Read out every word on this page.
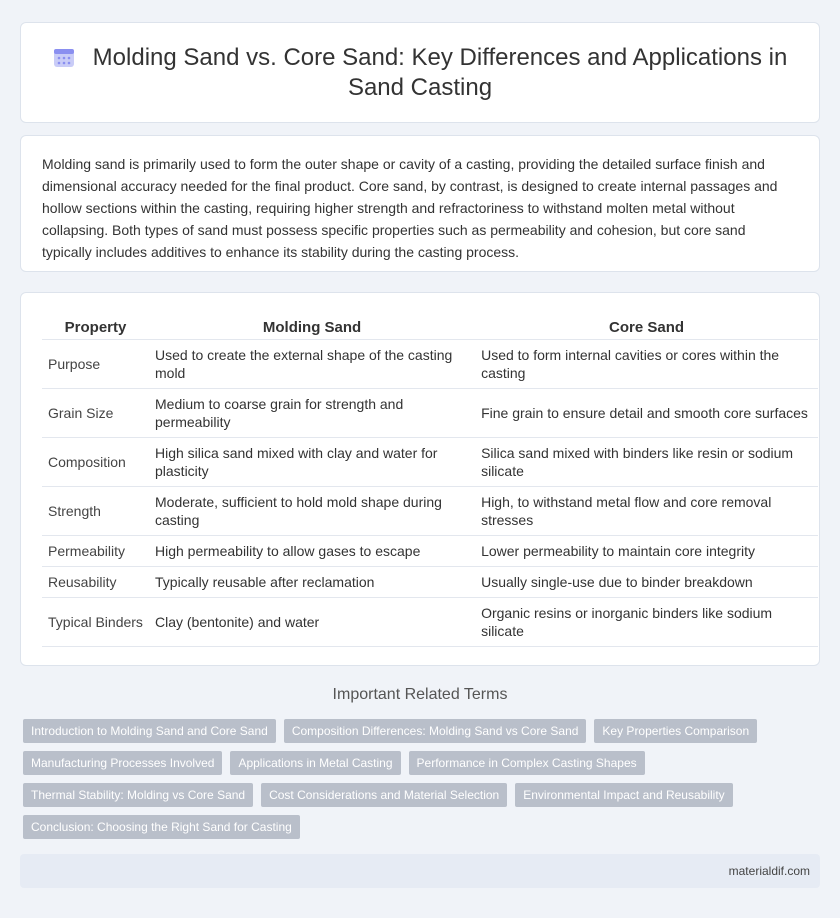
Molding Sand vs. Core Sand: Key Differences and Applications in
Sand Casting

Molding sand is primarily used to form the outer shape or cavity of a casting, providing the detailed surface finish and dimensional accuracy needed for the final product. Core sand, by contrast, is designed to create internal passages and hollow sections within the casting, requiring higher strength and refractoriness to withstand molten metal without collapsing. Both types of sand must possess specific properties such as permeability and cohesion, but core sand typically includes additives to enhance its stability during the casting process.

Property	Molding Sand	Core Sand
Purpose	Used to create the external shape of the casting mold	Used to form internal cavities or cores within the casting
Grain Size	Medium to coarse grain for strength and permeability	Fine grain to ensure detail and smooth core surfaces
Composition	High silica sand mixed with clay and water for plasticity	Silica sand mixed with binders like resin or sodium silicate
Strength	Moderate, sufficient to hold mold shape during casting	High, to withstand metal flow and core removal stresses
Permeability	High permeability to allow gases to escape	Lower permeability to maintain core integrity
Reusability	Typically reusable after reclamation	Usually single-use due to binder breakdown
Typical Binders	Clay (bentonite) and water	Organic resins or inorganic binders like sodium silicate
Important Related Terms
Introduction to Molding Sand and Core Sand	Composition Differences: Molding Sand vs Core Sand	Key Properties Comparison
Manufacturing Processes Involved	Applications in Metal Casting	Performance in Complex Casting Shapes
Thermal Stability: Molding vs Core Sand	Cost Considerations and Material Selection	Environmental Impact and Reusability
Conclusion: Choosing the Right Sand for Casting
materialdif.com
